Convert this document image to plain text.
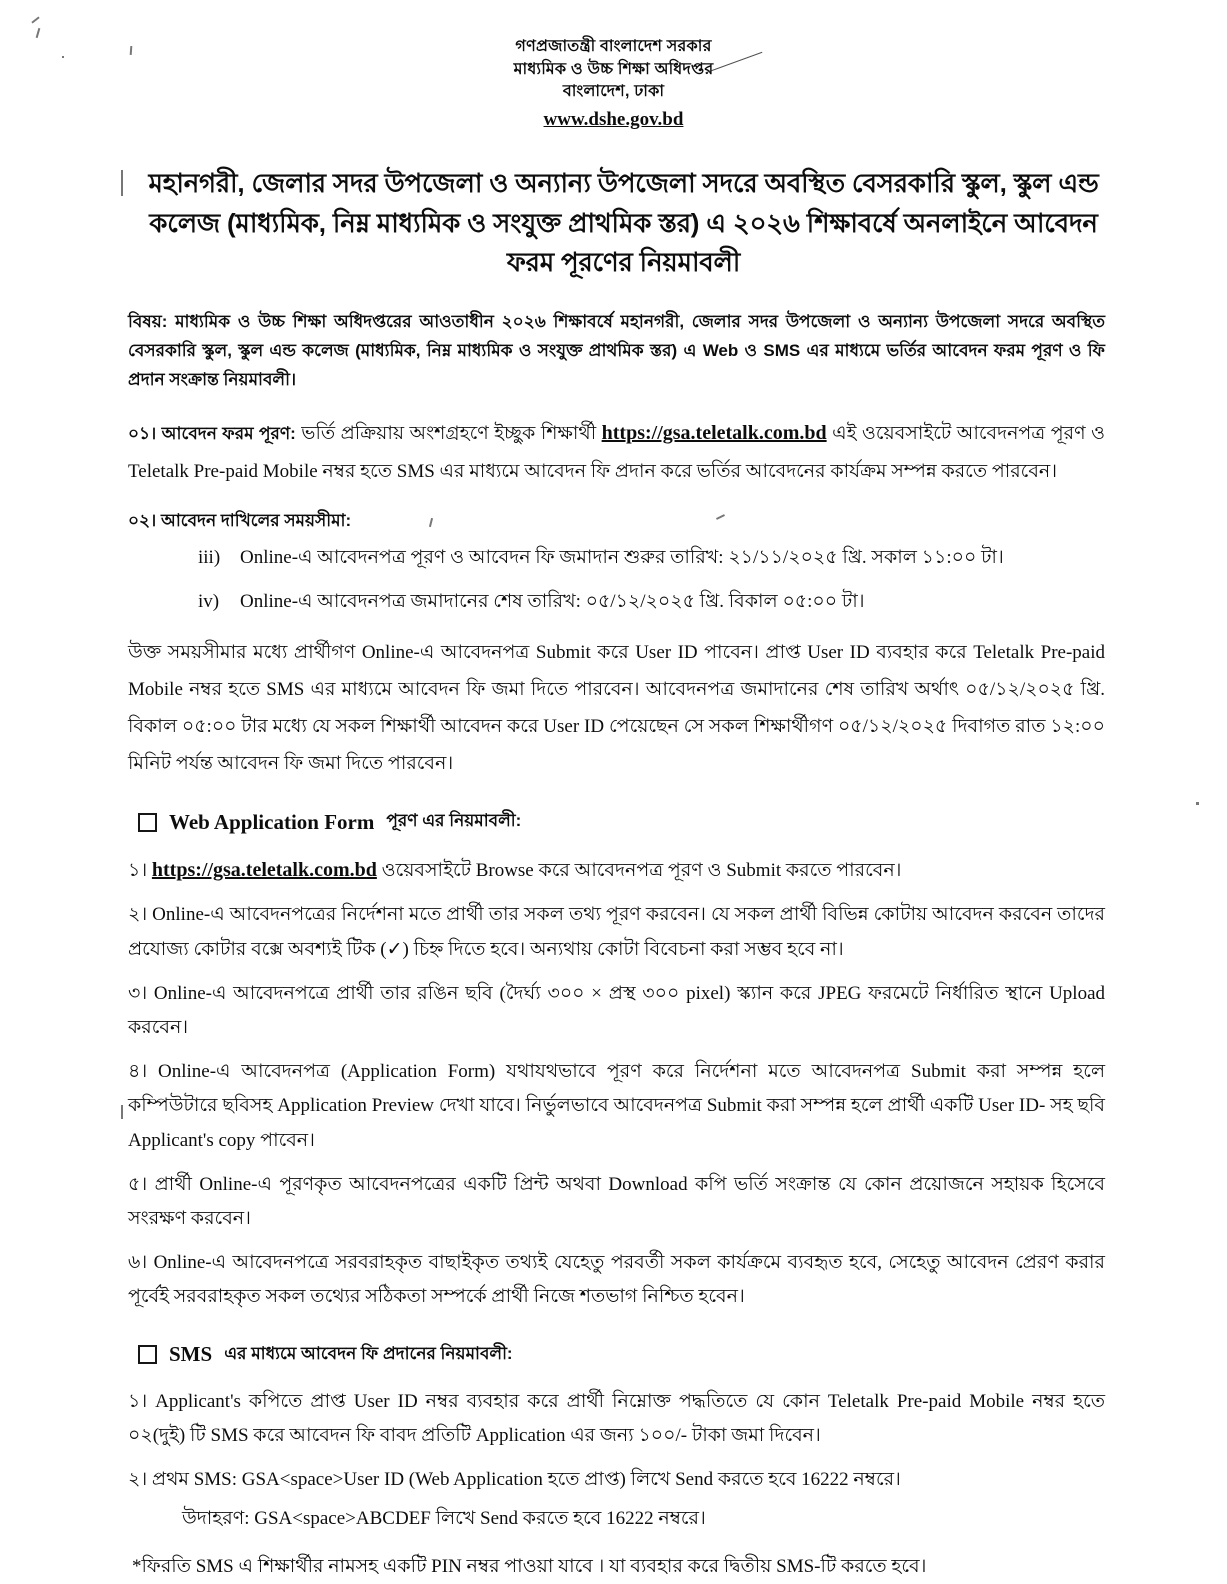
গণপ্রজাতন্ত্রী বাংলাদেশ সরকার
মাধ্যমিক ও উচ্চ শিক্ষা অধিদপ্তর
বাংলাদেশ, ঢাকা
www.dshe.gov.bd
মহানগরী, জেলার সদর উপজেলা ও অন্যান্য উপজেলা সদরে অবস্থিত বেসরকারি স্কুল, স্কুল এন্ড কলেজ (মাধ্যমিক, নিম্ন মাধ্যমিক ও সংযুক্ত প্রাথমিক স্তর) এ ২০২৬ শিক্ষাবর্ষে অনলাইনে আবেদন ফরম পূরণের নিয়মাবলী

বিষয়: মাধ্যমিক ও উচ্চ শিক্ষা অধিদপ্তরের আওতাধীন ২০২৬ শিক্ষাবর্ষে মহানগরী, জেলার সদর উপজেলা ও অন্যান্য উপজেলা সদরে অবস্থিত বেসরকারি স্কুল, স্কুল এন্ড কলেজ (মাধ্যমিক, নিম্ন মাধ্যমিক ও সংযুক্ত প্রাথমিক স্তর) এ Web ও SMS এর মাধ্যমে ভর্তির আবেদন ফরম পূরণ ও ফি প্রদান সংক্রান্ত নিয়মাবলী।

০১। আবেদন ফরম পূরণ: ভর্তি প্রক্রিয়ায় অংশগ্রহণে ইচ্ছুক শিক্ষার্থী https://gsa.teletalk.com.bd এই ওয়েবসাইটে আবেদনপত্র পূরণ ও Teletalk Pre-paid Mobile নম্বর হতে SMS এর মাধ্যমে আবেদন ফি প্রদান করে ভর্তির আবেদনের কার্যক্রম সম্পন্ন করতে পারবেন।

০২। আবেদন দাখিলের সময়সীমা:

iii)	Online-এ আবেদনপত্র পূরণ ও আবেদন ফি জমাদান শুরুর তারিখ: ২১/১১/২০২৫ খ্রি. সকাল ১১:০০ টা।
iv)	Online-এ আবেদনপত্র জমাদানের শেষ তারিখ: ০৫/১২/২০২৫ খ্রি. বিকাল ০৫:০০ টা।

উক্ত সময়সীমার মধ্যে প্রার্থীগণ Online-এ আবেদনপত্র Submit করে User ID পাবেন। প্রাপ্ত User ID ব্যবহার করে Teletalk Pre-paid Mobile নম্বর হতে SMS এর মাধ্যমে আবেদন ফি জমা দিতে পারবেন। আবেদনপত্র জমাদানের শেষ তারিখ অর্থাৎ ০৫/১২/২০২৫ খ্রি. বিকাল ০৫:০০ টার মধ্যে যে সকল শিক্ষার্থী আবেদন করে User ID পেয়েছেন সে সকল শিক্ষার্থীগণ ০৫/১২/২০২৫ দিবাগত রাত ১২:০০ মিনিট পর্যন্ত আবেদন ফি জমা দিতে পারবেন।

Web Application Form পূরণ এর নিয়মাবলী:

১। https://gsa.teletalk.com.bd ওয়েবসাইটে Browse করে আবেদনপত্র পূরণ ও Submit করতে পারবেন।

২। Online-এ আবেদনপত্রের নির্দেশনা মতে প্রার্থী তার সকল তথ্য পূরণ করবেন। যে সকল প্রার্থী বিভিন্ন কোটায় আবেদন করবেন তাদের প্রযোজ্য কোটার বক্সে অবশ্যই টিক (✓) চিহ্ন দিতে হবে। অন্যথায় কোটা বিবেচনা করা সম্ভব হবে না।

৩। Online-এ আবেদনপত্রে প্রার্থী তার রঙিন ছবি (দৈর্ঘ্য ৩০০ × প্রস্থ ৩০০ pixel) স্ক্যান করে JPEG ফরমেটে নির্ধারিত স্থানে Upload করবেন।

৪। Online-এ আবেদনপত্র (Application Form) যথাযথভাবে পূরণ করে নির্দেশনা মতে আবেদনপত্র Submit করা সম্পন্ন হলে কম্পিউটারে ছবিসহ Application Preview দেখা যাবে। নির্ভুলভাবে আবেদনপত্র Submit করা সম্পন্ন হলে প্রার্থী একটি User ID- সহ ছবি Applicant's copy পাবেন।

৫। প্রার্থী Online-এ পূরণকৃত আবেদনপত্রের একটি প্রিন্ট অথবা Download কপি ভর্তি সংক্রান্ত যে কোন প্রয়োজনে সহায়ক হিসেবে সংরক্ষণ করবেন।

৬। Online-এ আবেদনপত্রে সরবরাহকৃত বাছাইকৃত তথ্যই যেহেতু পরবর্তী সকল কার্যক্রমে ব্যবহৃত হবে, সেহেতু আবেদন প্রেরণ করার পূর্বেই সরবরাহকৃত সকল তথ্যের সঠিকতা সম্পর্কে প্রার্থী নিজে শতভাগ নিশ্চিত হবেন।

SMS এর মাধ্যমে আবেদন ফি প্রদানের নিয়মাবলী:

১। Applicant's কপিতে প্রাপ্ত User ID নম্বর ব্যবহার করে প্রার্থী নিম্নোক্ত পদ্ধতিতে যে কোন Teletalk Pre-paid Mobile নম্বর হতে ০২(দুই) টি SMS করে আবেদন ফি বাবদ প্রতিটি Application এর জন্য ১০০/- টাকা জমা দিবেন।

২। প্রথম SMS: GSA<space>User ID (Web Application হতে প্রাপ্ত) লিখে Send করতে হবে 16222 নম্বরে।

উদাহরণ: GSA<space>ABCDEF লিখে Send করতে হবে 16222 নম্বরে।

*ফিরতি SMS এ শিক্ষার্থীর নামসহ একটি PIN নম্বর পাওয়া যাবে । যা ব্যবহার করে দ্বিতীয় SMS-টি করতে হবে।
